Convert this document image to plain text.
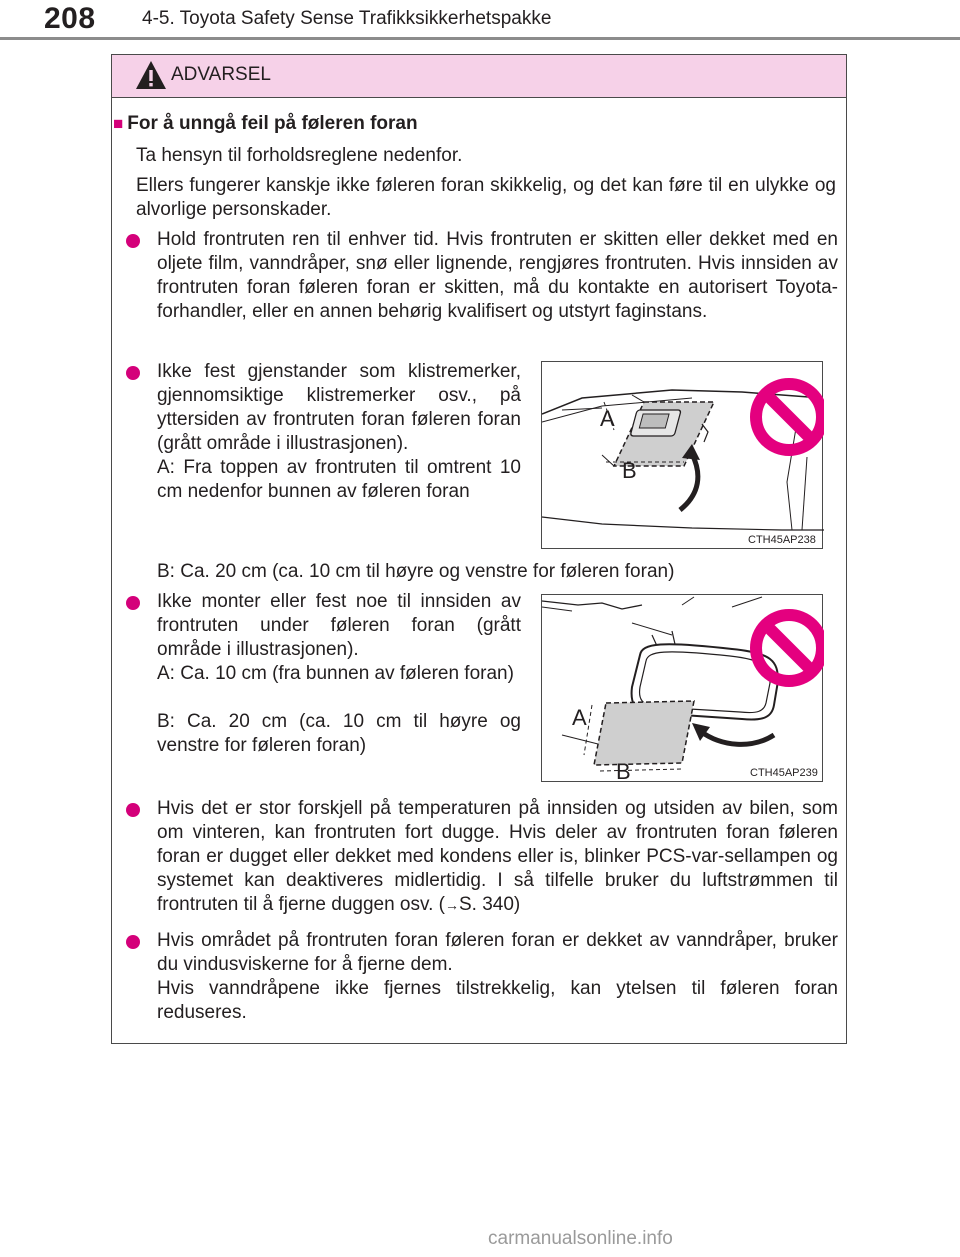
208 4-5. Toyota Safety Sense Trafikksikkerhetspakke
ADVARSEL
■ For å unngå feil på føleren foran
Ta hensyn til forholdsreglene nedenfor.
Ellers fungerer kanskje ikke føleren foran skikkelig, og det kan føre til en ulykke og alvorlige personskader.
Hold frontruten ren til enhver tid. Hvis frontruten er skitten eller dekket med en oljete film, vanndråper, snø eller lignende, rengjøres frontruten. Hvis innsiden av frontruten foran føleren foran er skitten, må du kontakte en autorisert Toyota-forhandler, eller en annen behørig kvalifisert og utstyrt faginstans.
Ikke fest gjenstander som klistremerker, gjennomsiktige klistremerker osv., på yttersiden av frontruten foran føleren foran (grått område i illustrasjonen).
A: Fra toppen av frontruten til omtrent 10 cm nedenfor bunnen av føleren foran
B: Ca. 20 cm (ca. 10 cm til høyre og venstre for føleren foran)
A
B
CTH45AP238
Ikke monter eller fest noe til innsiden av frontruten under føleren foran (grått område i illustrasjonen).
A: Ca. 10 cm (fra bunnen av føleren foran)
B: Ca. 20 cm (ca. 10 cm til høyre og venstre for føleren foran)
A
B	CTH45AP239
Hvis det er stor forskjell på temperaturen på innsiden og utsiden av bilen, som om vinteren, kan frontruten fort dugge. Hvis deler av frontruten foran føleren foran er dugget eller dekket med kondens eller is, blinker PCS-var-sellampen og systemet kan deaktiveres midlertidig. I så tilfelle bruker du luftstrømmen til frontruten til å fjerne duggen osv. (→S. 340)
Hvis området på frontruten foran føleren foran er dekket av vanndråper, bruker du vindusviskerne for å fjerne dem.
Hvis vanndråpene ikke fjernes tilstrekkelig, kan ytelsen til føleren foran reduseres.
carmanualsonline.info
